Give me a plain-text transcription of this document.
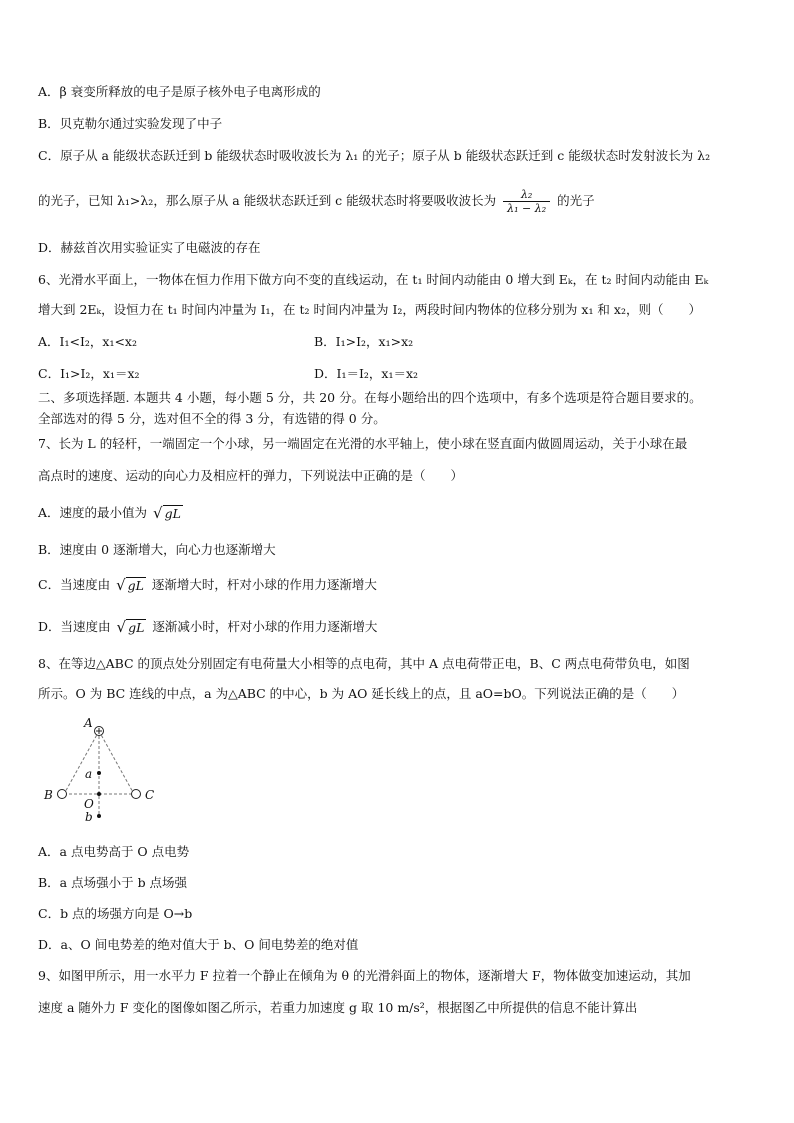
A．β 衰变所释放的电子是原子核外电子电离形成的
B．贝克勒尔通过实验发现了中子
C．原子从 a 能级状态跃迁到 b 能级状态时吸收波长为 λ₁ 的光子；原子从 b 能级状态跃迁到 c 能级状态时发射波长为 λ₂
的光子，已知 λ₁>λ₂，那么原子从 a 能级状态跃迁到 c 能级状态时将要吸收波长为 $\frac{\text{λ₂}}{\text{λ₁ − λ₂}}$ 的光子
D．赫兹首次用实验证实了电磁波的存在
6、光滑水平面上，一物体在恒力作用下做方向不变的直线运动，在 t₁ 时间内动能由 0 增大到 Eₖ，在 t₂ 时间内动能由 Eₖ
增大到 2Eₖ，设恒力在 t₁ 时间内冲量为 I₁，在 t₂ 时间内冲量为 I₂，两段时间内物体的位移分别为 x₁ 和 x₂，则（　　）
A．I₁<I₂，x₁<x₂	B．I₁>I₂，x₁>x₂
C．I₁>I₂，x₁＝x₂	D．I₁＝I₂，x₁＝x₂
二、多项选择题. 本题共 4 小题，每小题 5 分，共 20 分。在每小题给出的四个选项中，有多个选项是符合题目要求的。
全部选对的得 5 分，选对但不全的得 3 分，有选错的得 0 分。
7、长为 L 的轻杆，一端固定一个小球，另一端固定在光滑的水平轴上，使小球在竖直面内做圆周运动，关于小球在最
高点时的速度、运动的向心力及相应杆的弹力，下列说法中正确的是（　　）
A．速度的最小值为 √ gL
B．速度由 0 逐渐增大，向心力也逐渐增大
C．当速度由 √ gL 逐渐增大时，杆对小球的作用力逐渐增大
D．当速度由 √ gL 逐渐减小时，杆对小球的作用力逐渐增大
8、在等边△ABC 的顶点处分别固定有电荷量大小相等的点电荷，其中 A 点电荷带正电，B、C 两点电荷带负电，如图
所示。O 为 BC 连线的中点，a 为△ABC 的中心，b 为 AO 延长线上的点，且 aO=bO。下列说法正确的是（　　）
A
B	C
a
O
b
A．a 点电势高于 O 点电势
B．a 点场强小于 b 点场强
C．b 点的场强方向是 O→b
D．a、O 间电势差的绝对值大于 b、O 间电势差的绝对值
9、如图甲所示，用一水平力 F 拉着一个静止在倾角为 θ 的光滑斜面上的物体，逐渐增大 F，物体做变加速运动，其加
速度 a 随外力 F 变化的图像如图乙所示，若重力加速度 g 取 10 m/s²，根据图乙中所提供的信息不能计算出
